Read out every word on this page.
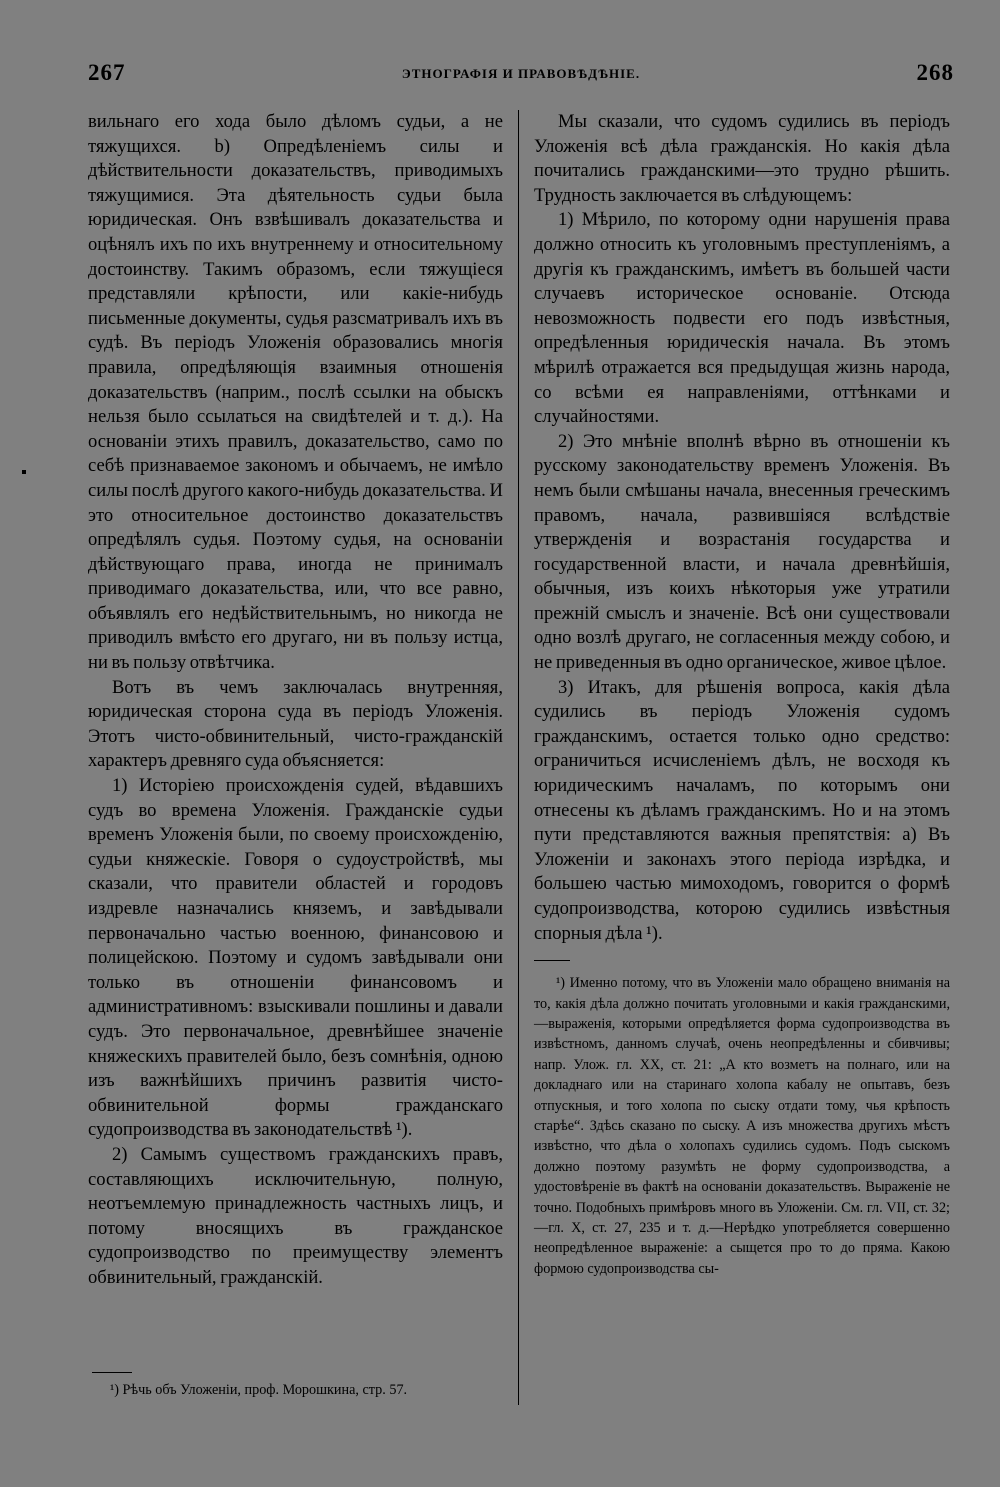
267	ЭТНОГРАФІЯ И ПРАВОВѢДѢНІЕ.	268

вильнаго его хода было дѣломъ судьи, а не тяжущихся. b) Опредѣленіемъ силы и дѣйствительности доказательствъ, приводимыхъ тяжущимися. Эта дѣятельность судьи была юридическая. Онъ взвѣшивалъ доказательства и оцѣнялъ ихъ по ихъ внутреннему и относительному достоинству. Такимъ образомъ, если тяжущіеся представляли крѣпости, или какіе-нибудь письменные документы, судья разсматривалъ ихъ въ судѣ. Въ періодъ Уложенія образовались многія правила, опредѣляющія взаимныя отношенія доказательствъ (наприм., послѣ ссылки на обыскъ нельзя было ссылаться на свидѣтелей и т. д.). На основаніи этихъ правилъ, доказательство, само по себѣ признаваемое закономъ и обычаемъ, не имѣло силы послѣ другого какого-нибудь доказательства. И это относительное достоинство доказательствъ опредѣлялъ судья. Поэтому судья, на основаніи дѣйствующаго права, иногда не принималъ приводимаго доказательства, или, что все равно, объявлялъ его недѣйствительнымъ, но никогда не приводилъ вмѣсто его другаго, ни въ пользу истца, ни въ пользу отвѣтчика.

Вотъ въ чемъ заключалась внутренняя, юридическая сторона суда въ періодъ Уложенія. Этотъ чисто-обвинительный, чисто-гражданскій характеръ древняго суда объясняется:

1) Исторіею происхожденія судей, вѣдавшихъ судъ во времена Уложенія. Гражданскіе судьи временъ Уложенія были, по своему происхожденію, судьи княжескіе. Говоря о судоустройствѣ, мы сказали, что правители областей и городовъ издревле назначались княземъ, и завѣдывали первоначально частью военною, финансовою и полицейскою. Поэтому и судомъ завѣдывали они только въ отношеніи финансовомъ и административномъ: взыскивали пошлины и давали судъ. Это первоначальное, древнѣйшее значеніе княжескихъ правителей было, безъ сомнѣнія, одною изъ важнѣйшихъ причинъ развитія чисто-обвинительной формы гражданскаго судопроизводства въ законодательствѣ ¹).

2) Самымъ существомъ гражданскихъ правъ, составляющихъ исключительную, полную, неотъемлемую принадлежность частныхъ лицъ, и потому вносящихъ въ гражданское судопроизводство по преимуществу элементъ обвинительный, гражданскій.

¹) Рѣчь объ Уложеніи, проф. Морошкина, стр. 57.

Мы сказали, что судомъ судились въ періодъ Уложенія всѣ дѣла гражданскія. Но какія дѣла почитались гражданскими—это трудно рѣшить. Трудность заключается въ слѣдующемъ:

1) Мѣрило, по которому одни нарушенія права должно относить къ уголовнымъ преступленіямъ, а другія къ гражданскимъ, имѣетъ въ большей части случаевъ историческое основаніе. Отсюда невозможность подвести его подъ извѣстныя, опредѣленныя юридическія начала. Въ этомъ мѣрилѣ отражается вся предыдущая жизнь народа, со всѣми ея направленіями, оттѣнками и случайностями.

2) Это мнѣніе вполнѣ вѣрно въ отношеніи къ русскому законодательству временъ Уложенія. Въ немъ были смѣшаны начала, внесенныя греческимъ правомъ, начала, развившіяся вслѣдствіе утвержденія и возрастанія государства и государственной власти, и начала древнѣйшія, обычныя, изъ коихъ нѣкоторыя уже утратили прежній смыслъ и значеніе. Всѣ они существовали одно возлѣ другаго, не согласенныя между собою, и не приведенныя въ одно органическое, живое цѣлое.

3) Итакъ, для рѣшенія вопроса, какія дѣла судились въ періодъ Уложенія судомъ гражданскимъ, остается только одно средство: ограничиться исчисленіемъ дѣлъ, не восходя къ юридическимъ началамъ, по которымъ они отнесены къ дѣламъ гражданскимъ. Но и на этомъ пути представляются важныя препятствія: а) Въ Уложеніи и законахъ этого періода изрѣдка, и большею частью мимоходомъ, говорится о формѣ судопроизводства, которою судились извѣстныя спорныя дѣла ¹).

¹) Именно потому, что въ Уложеніи мало обращено вниманія на то, какія дѣла должно почитать уголовными и какія гражданскими,—выраженія, которыми опредѣляется форма судопроизводства въ извѣстномъ, данномъ случаѣ, очень неопредѣленны и сбивчивы; напр. Улож. гл. XX, ст. 21: „А кто возметъ на полнаго, или на докладнаго или на старинаго холопа кабалу не опытавъ, безъ отпускныя, и того холопа по сыску отдати тому, чья крѣпость старѣе“. Здѣсь сказано по сыску. А изъ множества другихъ мѣстъ извѣстно, что дѣла о холопахъ судились судомъ. Подъ сыскомъ должно поэтому разумѣть не форму судопроизводства, а удостовѣреніе въ фактѣ на основаніи доказательствъ. Выраженіе не точно. Подобныхъ примѣровъ много въ Уложеніи. См. гл. VII, ст. 32;—гл. X, ст. 27, 235 и т. д.—Нерѣдко употребляется совершенно неопредѣленное выраженіе: а сыщется про то до пряма. Какою формою судопроизводства сы-
